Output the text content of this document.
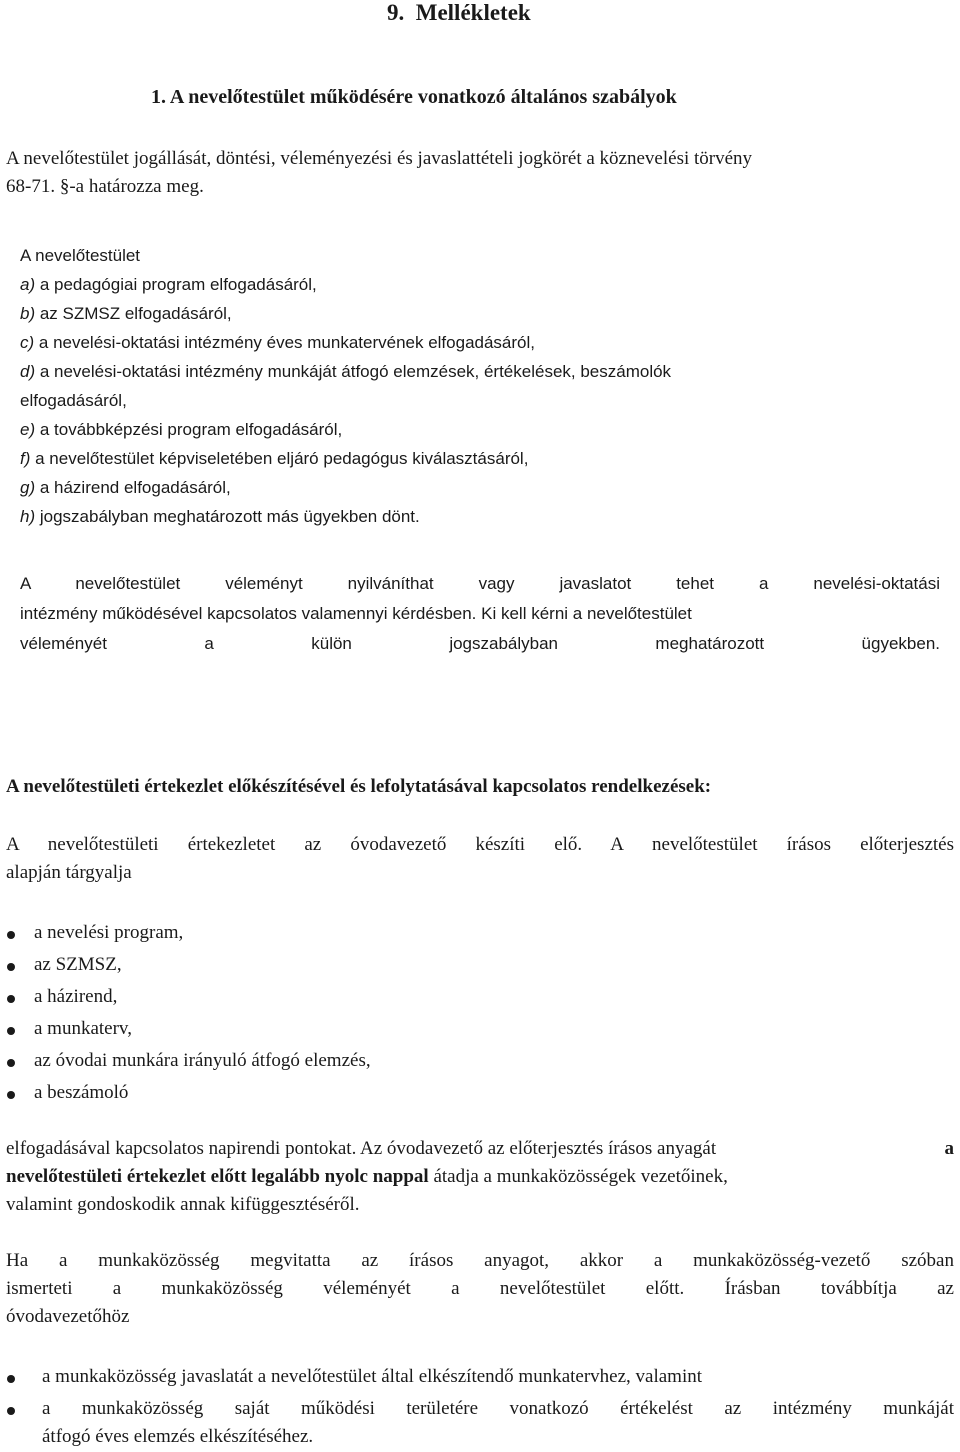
9. Mellékletek
1. A nevelőtestület működésére vonatkozó általános szabályok
A nevelőtestület jogállását, döntési, véleményezési és javaslattételi jogkörét a köznevelési törvény
68-71. §-a határozza meg.
A nevelőtestület
a) a pedagógiai program elfogadásáról,
b) az SZMSZ elfogadásáról,
c) a nevelési-oktatási intézmény éves munkatervének elfogadásáról,
d) a nevelési-oktatási intézmény munkáját átfogó elemzések, értékelések, beszámolók
elfogadásáról,
e) a továbbképzési program elfogadásáról,
f) a nevelőtestület képviseletében eljáró pedagógus kiválasztásáról,
g) a házirend elfogadásáról,
h) jogszabályban meghatározott más ügyekben dönt.
A nevelőtestület véleményt nyilváníthat vagy javaslatot tehet a nevelési-oktatási
intézmény működésével kapcsolatos valamennyi kérdésben. Ki kell kérni a nevelőtestület
véleményét a külön jogszabályban meghatározott ügyekben.
A nevelőtestületi értekezlet előkészítésével és lefolytatásával kapcsolatos rendelkezések:
A nevelőtestületi értekezletet az óvodavezető készíti elő. A nevelőtestület írásos előterjesztés
alapján tárgyalja
a nevelési program,
az SZMSZ,
a házirend,
a munkaterv,
az óvodai munkára irányuló átfogó elemzés,
a beszámoló
elfogadásával kapcsolatos napirendi pontokat. Az óvodavezető az előterjesztés írásos anyagát	a
nevelőtestületi értekezlet előtt legalább nyolc nappal átadja a munkaközösségek vezetőinek,
valamint gondoskodik annak kifüggesztéséről.
Ha a munkaközösség megvitatta az írásos anyagot, akkor a munkaközösség-vezető szóban
ismerteti a munkaközösség véleményét a nevelőtestület előtt. Írásban továbbítja az
óvodavezetőhöz
a munkaközösség javaslatát a nevelőtestület által elkészítendő munkatervhez, valamint
a munkaközösség saját működési területére vonatkozó értékelést az intézmény munkáját
átfogó éves elemzés elkészítéséhez.
